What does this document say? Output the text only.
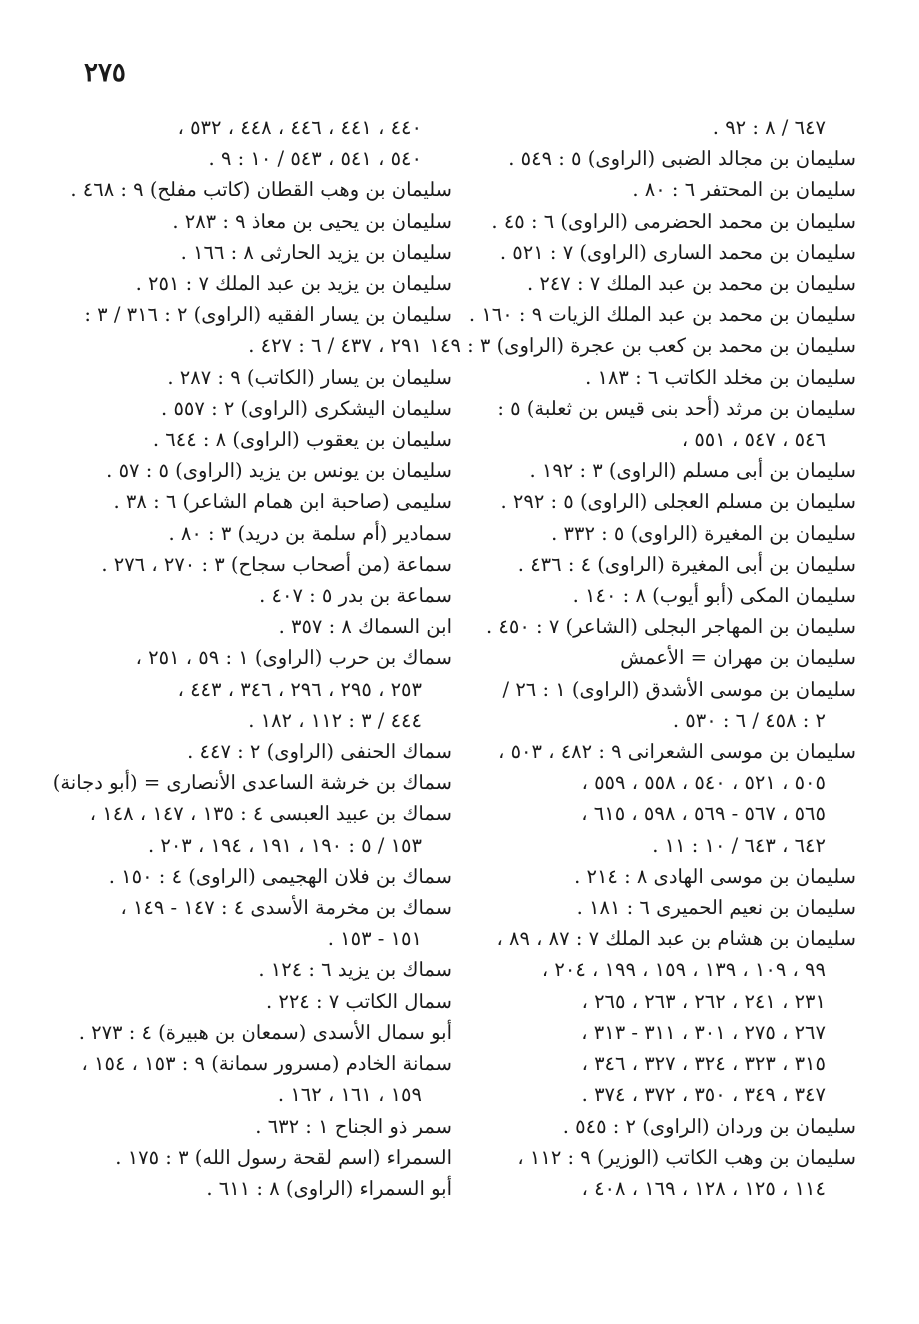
٢٧٥
٦٤٧ / ٨ : ٩٢ .
سليمان بن مجالد الضبى (الراوى) ٥ : ٥٤٩ .
سليمان بن المحتفر ٦ : ٨٠ .
سليمان بن محمد الحضرمى (الراوى) ٦ : ٤٥ .
سليمان بن محمد السارى (الراوى) ٧ : ٥٢١ .
سليمان بن محمد بن عبد الملك ٧ : ٢٤٧ .
سليمان بن محمد بن عبد الملك الزيات ٩ : ١٦٠ .
سليمان بن محمد بن كعب بن عجرة (الراوى) ٣ : ١٤٩
سليمان بن مخلد الكاتب ٦ : ١٨٣ .
سليمان بن مرثد (أحد بنى قيس بن ثعلبة) ٥ :
٥٤٦ ، ٥٤٧ ، ٥٥١ ،
سليمان بن أبى مسلم (الراوى) ٣ : ١٩٢ .
سليمان بن مسلم العجلى (الراوى) ٥ : ٢٩٢ .
سليمان بن المغيرة (الراوى) ٥ : ٣٣٢ .
سليمان بن أبى المغيرة (الراوى) ٤ : ٤٣٦ .
سليمان المكى (أبو أيوب) ٨ : ١٤٠ .
سليمان بن المهاجر البجلى (الشاعر) ٧ : ٤٥٠ .
سليمان بن مهران = الأعمش
سليمان بن موسى الأشدق (الراوى) ١ : ٢٦ /
٢ : ٤٥٨ / ٦ : ٥٣٠ .
سليمان بن موسى الشعرانى ٩ : ٤٨٢ ، ٥٠٣ ،
٥٠٥ ، ٥٢١ ، ٥٤٠ ، ٥٥٨ ، ٥٥٩ ،
٥٦٥ ، ٥٦٧ - ٥٦٩ ، ٥٩٨ ، ٦١٥ ،
٦٤٢ ، ٦٤٣ / ١٠ : ١١ .
سليمان بن موسى الهادى ٨ : ٢١٤ .
سليمان بن نعيم الحميرى ٦ : ١٨١ .
سليمان بن هشام بن عبد الملك ٧ : ٨٧ ، ٨٩ ،
٩٩ ، ١٠٩ ، ١٣٩ ، ١٥٩ ، ١٩٩ ، ٢٠٤ ،
٢٣١ ، ٢٤١ ، ٢٦٢ ، ٢٦٣ ، ٢٦٥ ،
٢٦٧ ، ٢٧٥ ، ٣٠١ ، ٣١١ - ٣١٣ ،
٣١٥ ، ٣٢٣ ، ٣٢٤ ، ٣٢٧ ، ٣٤٦ ،
٣٤٧ ، ٣٤٩ ، ٣٥٠ ، ٣٧٢ ، ٣٧٤ .
سليمان بن وردان (الراوى) ٢ : ٥٤٥ .
سليمان بن وهب الكاتب (الوزير) ٩ : ١١٢ ،
١١٤ ، ١٢٥ ، ١٢٨ ، ١٦٩ ، ٤٠٨ ،
٤٤٠ ، ٤٤١ ، ٤٤٦ ، ٤٤٨ ، ٥٣٢ ،
٥٤٠ ، ٥٤١ ، ٥٤٣ / ١٠ : ٩ .
سليمان بن وهب القطان (كاتب مفلح) ٩ : ٤٦٨ .
سليمان بن يحيى بن معاذ ٩ : ٢٨٣ .
سليمان بن يزيد الحارثى ٨ : ١٦٦ .
سليمان بن يزيد بن عبد الملك ٧ : ٢٥١ .
سليمان بن يسار الفقيه (الراوى) ٢ : ٣١٦ / ٣ :
٢٩١ ، ٤٣٧ / ٦ : ٤٢٧ .
سليمان بن يسار (الكاتب) ٩ : ٢٨٧ .
سليمان اليشكرى (الراوى) ٢ : ٥٥٧ .
سليمان بن يعقوب (الراوى) ٨ : ٦٤٤ .
سليمان بن يونس بن يزيد (الراوى) ٥ : ٥٧ .
سليمى (صاحبة ابن همام الشاعر) ٦ : ٣٨ .
سمادير (أم سلمة بن دريد) ٣ : ٨٠ .
سماعة (من أصحاب سجاح) ٣ : ٢٧٠ ، ٢٧٦ .
سماعة بن بدر ٥ : ٤٠٧ .
ابن السماك ٨ : ٣٥٧ .
سماك بن حرب (الراوى) ١ : ٥٩ ، ٢٥١ ،
٢٥٣ ، ٢٩٥ ، ٢٩٦ ، ٣٤٦ ، ٤٤٣ ،
٤٤٤ / ٣ : ١١٢ ، ١٨٢ .
سماك الحنفى (الراوى) ٢ : ٤٤٧ .
سماك بن خرشة الساعدى الأنصارى = (أبو دجانة)
سماك بن عبيد العبسى ٤ : ١٣٥ ، ١٤٧ ، ١٤٨ ،
١٥٣ / ٥ : ١٩٠ ، ١٩١ ، ١٩٤ ، ٢٠٣ .
سماك بن فلان الهجيمى (الراوى) ٤ : ١٥٠ .
سماك بن مخرمة الأسدى ٤ : ١٤٧ - ١٤٩ ،
١٥١ - ١٥٣ .
سماك بن يزيد ٦ : ١٢٤ .
سمال الكاتب ٧ : ٢٢٤ .
أبو سمال الأسدى (سمعان بن هبيرة) ٤ : ٢٧٣ .
سمانة الخادم (مسرور سمانة) ٩ : ١٥٣ ، ١٥٤ ،
١٥٩ ، ١٦١ ، ١٦٢ .
سمر ذو الجناح ١ : ٦٣٢ .
السمراء (اسم لقحة رسول الله) ٣ : ١٧٥ .
أبو السمراء (الراوى) ٨ : ٦١١ .
